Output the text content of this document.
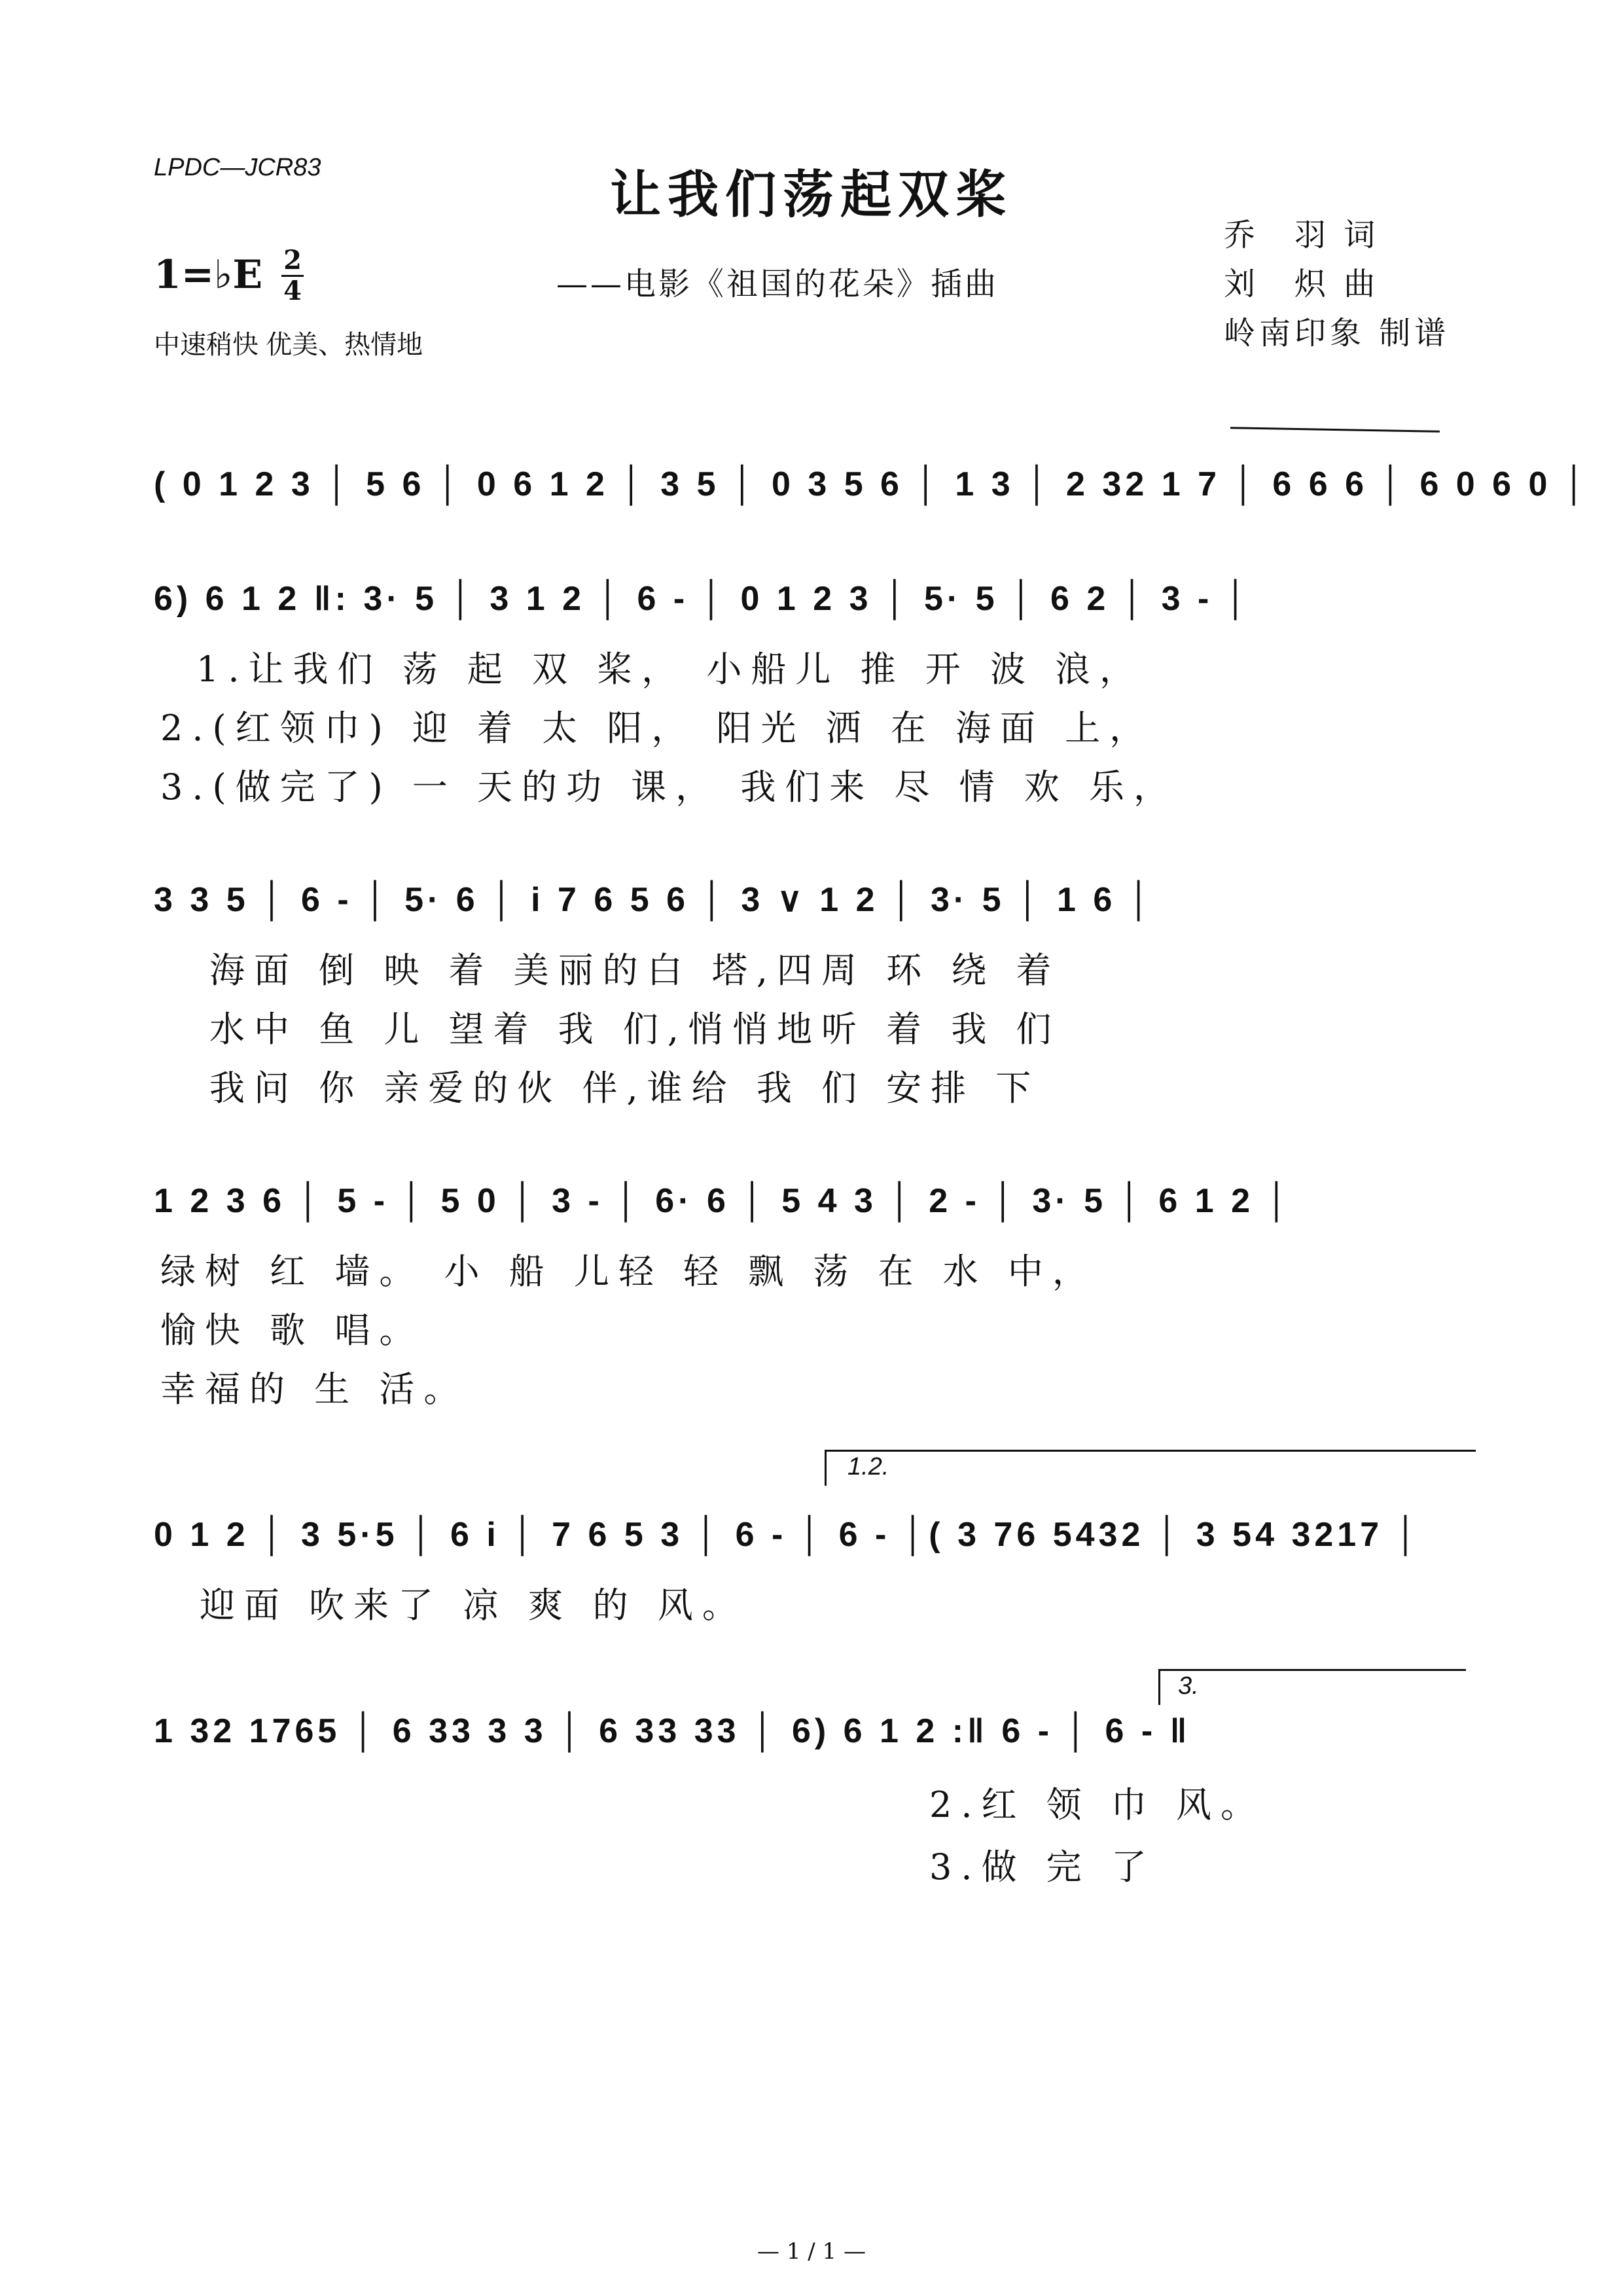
LPDC—JCR83	让我们荡起双桨
——电影《祖国的花朵》插曲
乔　羽 词
刘　炽 曲
岭南印象 制谱
1=♭E 2
4
中速稍快 优美、热情地
( 0 1 2 3 │ 5 6 │ 0 6 1 2 │ 3 5 │ 0 3 5 6 │ 1 3 │ 2 32 1 7 │ 6 6 6 │ 6 0 6 0 │
6) 6 1 2 ‖: 3· 5 │ 3 1 2 │ 6 - │ 0 1 2 3 │ 5· 5 │ 6 2 │ 3 - │
1.让我们 荡 起 双 桨， 小船儿 推 开 波 浪，
2.(红领巾) 迎 着 太 阳， 阳光 洒 在 海面 上，
3.(做完了) 一 天的功 课， 我们来 尽 情 欢 乐，
3 3 5 │ 6 - │ 5· 6 │ i 7 6 5 6 │ 3 ∨ 1 2 │ 3· 5 │ 1 6 │
海面 倒 映 着 美丽的白 塔,四周 环 绕 着
水中 鱼 儿 望着 我 们,悄悄地听 着 我 们
我问 你 亲爱的伙 伴,谁给 我 们 安排 下
1 2 3 6 │ 5 - │ 5 0 │ 3 - │ 6· 6 │ 5 4 3 │ 2 - │ 3· 5 │ 6 1 2 │
绿树 红 墙。 小 船 儿轻 轻 飘 荡 在 水 中，
愉快 歌 唱。
幸福的 生 活。
1.2.
0 1 2 │ 3 5·5 │ 6 i │ 7 6 5 3 │ 6 - │ 6 - │( 3 76 5432 │ 3 54 3217 │
迎面 吹来了 凉 爽 的 风。
3.
1 32 1765 │ 6 33 3 3 │ 6 33 33 │ 6) 6 1 2 :‖ 6 - │ 6 - ‖
2.红 领 巾 风。
3.做 完 了
— 1 / 1 —
